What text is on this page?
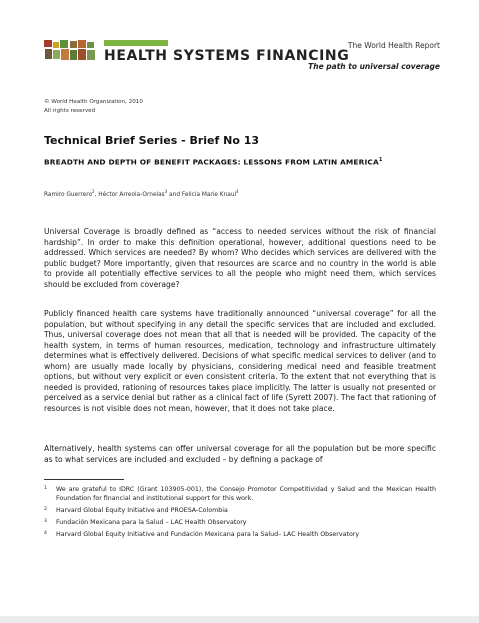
The World Health Report
HEALTH SYSTEMS FINANCING
The path to universal coverage
© World Health Organization, 2010
All rights reserved
Technical Brief Series - Brief No 13
BREADTH AND DEPTH OF BENEFIT PACKAGES: LESSONS FROM LATIN AMERICA$^1$
Ramiro Guerrero$^2$, Héctor Arreola-Ornelas$^3$ and Felicia Marie Knaul$^4$

Universal Coverage is broadly defined as “access to needed services without the risk of financial hardship”. In order to make this definition operational, however, additional questions need to be addressed. Which services are needed? By whom? Who decides which services are delivered with the public budget? More importantly, given that resources are scarce and no country in the world is able to provide all potentially effective services to all the people who might need them, which services should be excluded from coverage?

Publicly financed health care systems have traditionally announced “universal coverage” for all the population, but without specifying in any detail the specific services that are included and excluded. Thus, universal coverage does not mean that all that is needed will be provided. The capacity of the health system, in terms of human resources, medication, technology and infrastructure ultimately determines what is effectively delivered. Decisions of what specific medical services to deliver (and to whom) are usually made locally by physicians, considering medical need and feasible treatment options, but without very explicit or even consistent criteria. To the extent that not everything that is needed is provided, rationing of resources takes place implicitly. The latter is usually not presented or perceived as a service denial but rather as a clinical fact of life (Syrett 2007). The fact that rationing of resources is not visible does not mean, however, that it does not take place.

Alternatively, health systems can offer universal coverage for all the population but be more specific as to what services are included and excluded – by defining a package of

1 We are grateful to IDRC (Grant 103905-001), the Consejo Promotor Competitividad y Salud and the Mexican Health Foundation for financial and institutional support for this work.
2 Harvard Global Equity Initiative and PROESA-Colombia
3 Fundación Mexicana para la Salud – LAC Health Observatory
4 Harvard Global Equity Initiative and Fundación Mexicana para la Salud– LAC Health Observatory
